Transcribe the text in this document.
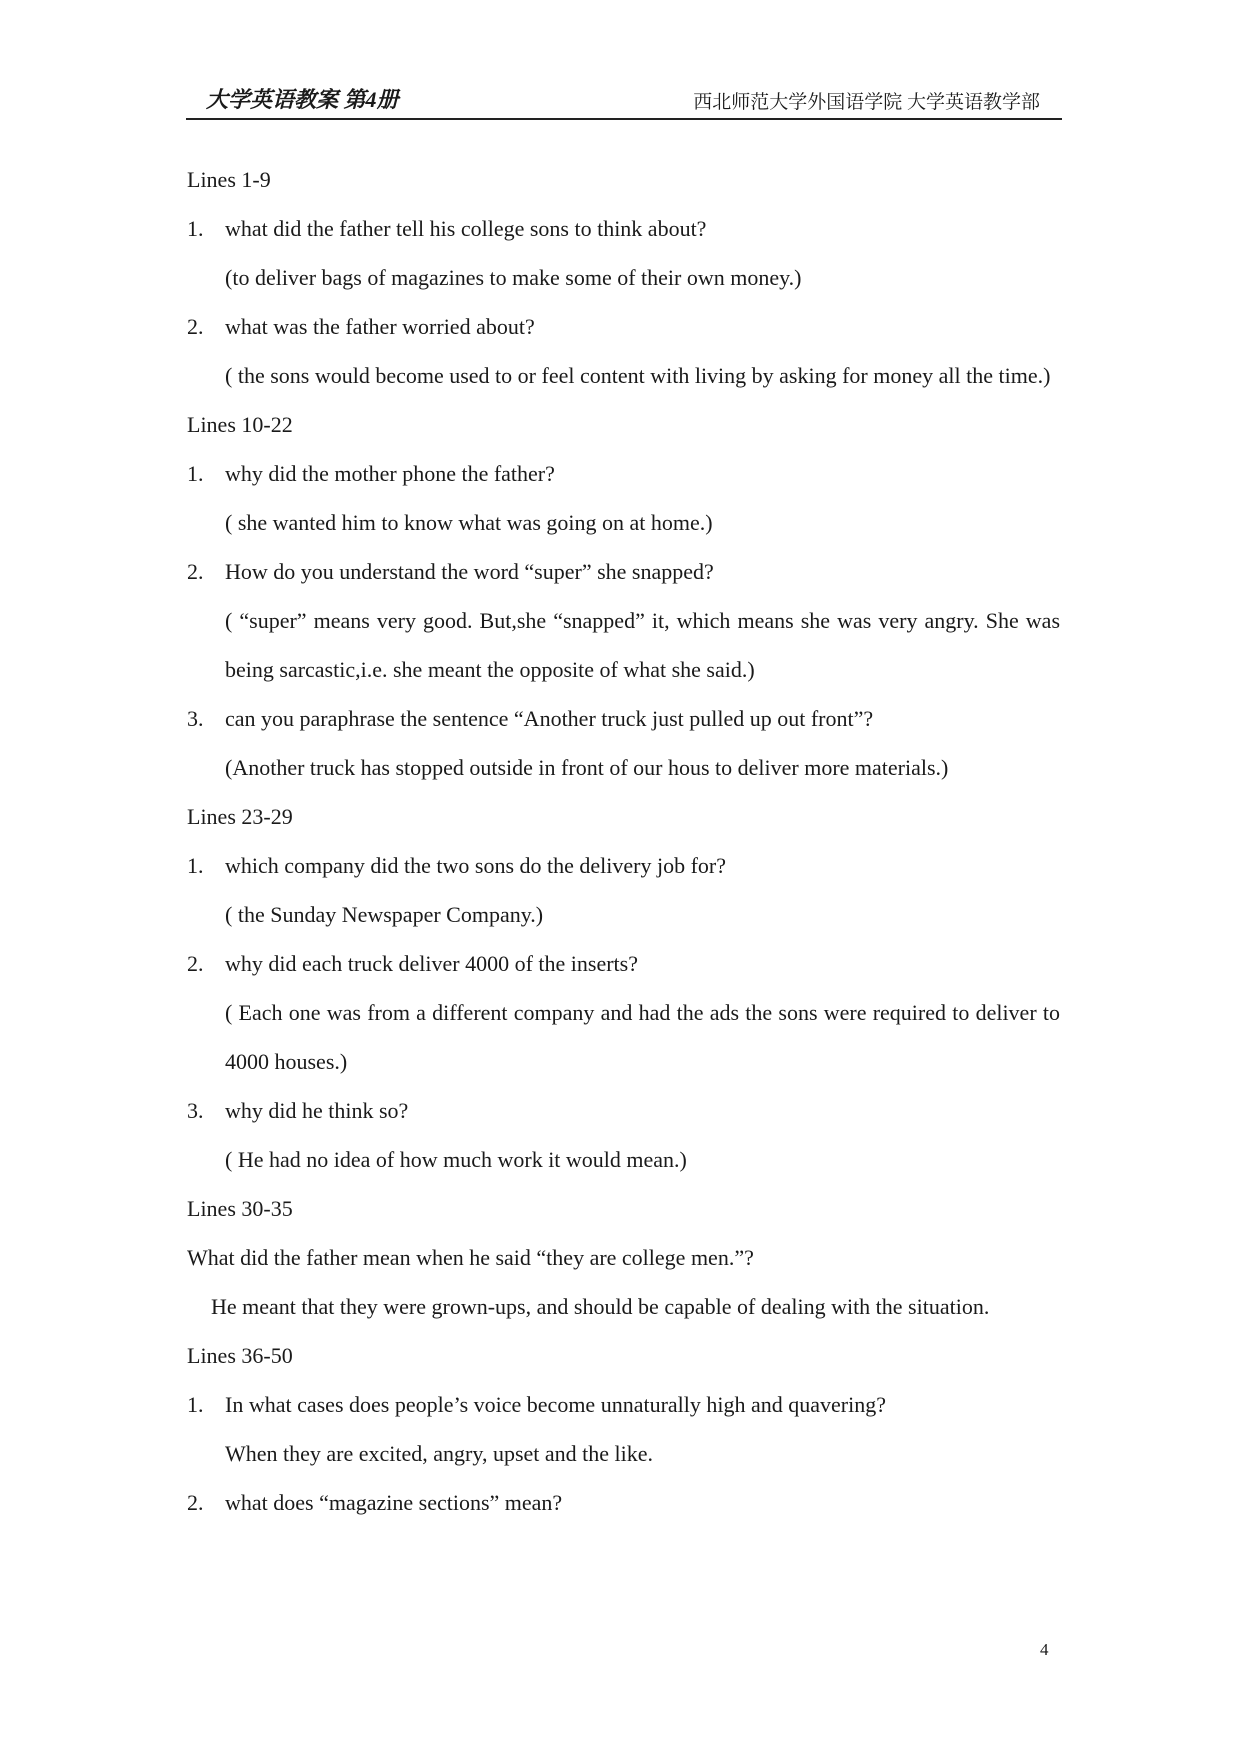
大学英语教案 第4册	西北师范大学外国语学院 大学英语教学部

Lines 1-9

1. what did the father tell his college sons to think about?

(to deliver bags of magazines to make some of their own money.)

2. what was the father worried about?

( the sons would become used to or feel content with living by asking for money all the time.)

Lines 10-22

1. why did the mother phone the father?

( she wanted him to know what was going on at home.)

2. How do you understand the word “super” she snapped?

( “super” means very good. But,she “snapped” it, which means she was very angry. She was being sarcastic,i.e. she meant the opposite of what she said.)

3. can you paraphrase the sentence “Another truck just pulled up out front”?

(Another truck has stopped outside in front of our hous to deliver more materials.)

Lines 23-29

1. which company did the two sons do the delivery job for?

( the Sunday Newspaper Company.)

2. why did each truck deliver 4000 of the inserts?

( Each one was from a different company and had the ads the sons were required to deliver to 4000 houses.)

3. why did he think so?

( He had no idea of how much work it would mean.)

Lines 30-35

What did the father mean when he said “they are college men.”?

He meant that they were grown-ups, and should be capable of dealing with the situation.

Lines 36-50

1. In what cases does people’s voice become unnaturally high and quavering?

When they are excited, angry, upset and the like.

2. what does “magazine sections” mean?
4
